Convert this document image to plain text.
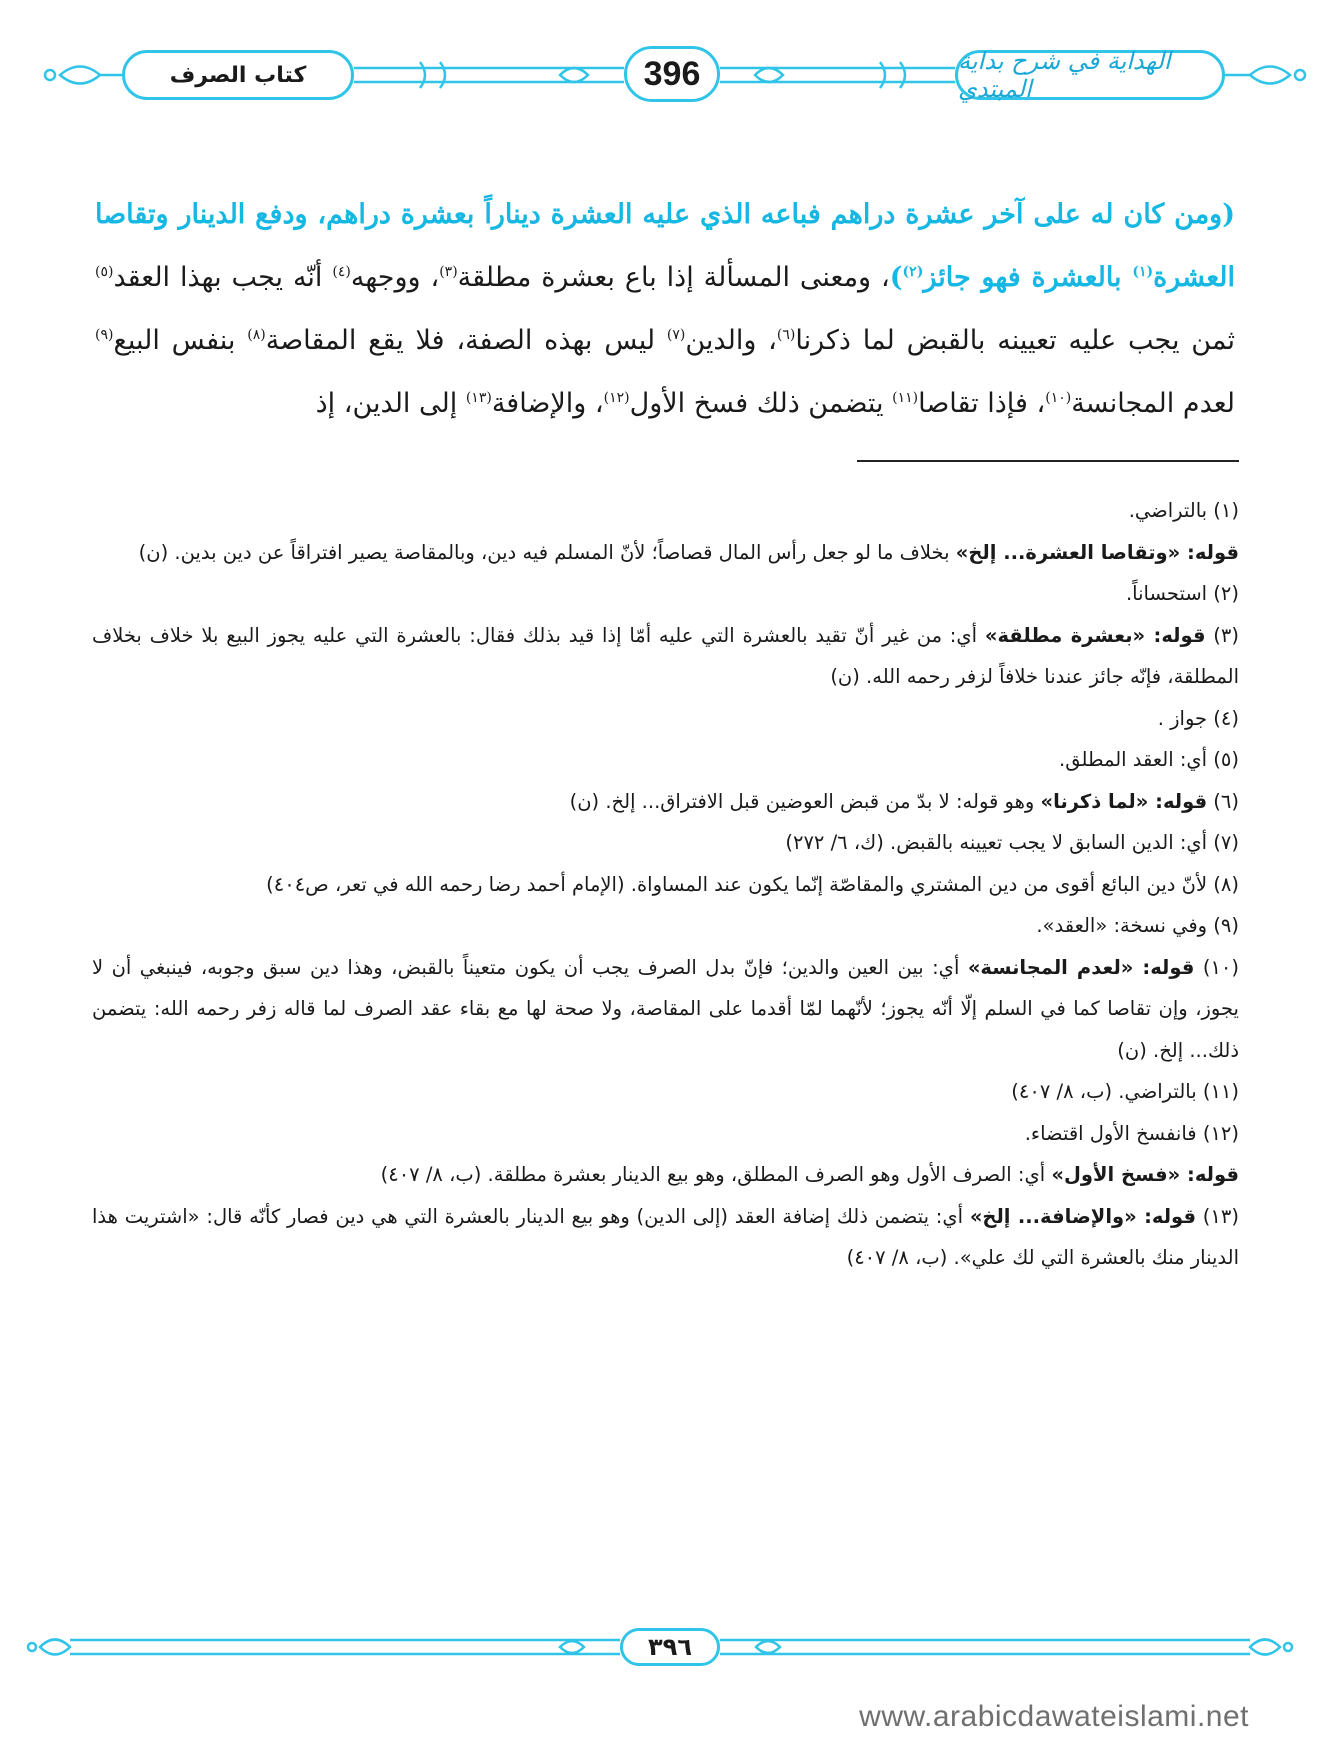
كتاب الصرف	396	الهداية في شرح بداية المبتدي
(ومن كان له على آخر عشرة دراهم فباعه الذي عليه العشرة ديناراً بعشرة دراهم، ودفع الدينار وتقاصا العشرة$^{(١)}$ بالعشرة فهو جائز$^{(٢)}$)، ومعنى المسألة إذا باع بعشرة مطلقة$^{(٣)}$، ووجهه$^{(٤)}$ أنّه يجب بهذا العقد$^{(٥)}$ ثمن يجب عليه تعيينه بالقبض لما ذكرنا$^{(٦)}$، والدين$^{(٧)}$ ليس بهذه الصفة، فلا يقع المقاصة$^{(٨)}$ بنفس البيع$^{(٩)}$ لعدم المجانسة$^{(١٠)}$، فإذا تقاصا$^{(١١)}$ يتضمن ذلك فسخ الأول$^{(١٢)}$، والإضافة$^{(١٣)}$ إلى الدين، إذ
(١) بالتراضي.
قوله: «وتقاصا العشرة... إلخ» بخلاف ما لو جعل رأس المال قصاصاً؛ لأنّ المسلم فيه دين، وبالمقاصة يصير افتراقاً عن دين بدين. (ن)
(٢) استحساناً.
(٣) قوله: «بعشرة مطلقة» أي: من غير أنّ تقيد بالعشرة التي عليه أمّا إذا قيد بذلك فقال: بالعشرة التي عليه يجوز البيع بلا خلاف بخلاف المطلقة، فإنّه جائز عندنا خلافاً لزفر رحمه الله. (ن)
(٤) جواز .
(٥) أي: العقد المطلق.
(٦) قوله: «لما ذكرنا» وهو قوله: لا بدّ من قبض العوضين قبل الافتراق... إلخ. (ن)
(٧) أي: الدين السابق لا يجب تعيينه بالقبض. (ك، ٦/ ٢٧٢)
(٨) لأنّ دين البائع أقوى من دين المشتري والمقاصّة إنّما يكون عند المساواة. (الإمام أحمد رضا رحمه الله في تعر، ص٤٠٤)
(٩) وفي نسخة: «العقد».
(١٠) قوله: «لعدم المجانسة» أي: بين العين والدين؛ فإنّ بدل الصرف يجب أن يكون متعيناً بالقبض، وهذا دين سبق وجوبه، فينبغي أن لا يجوز، وإن تقاصا كما في السلم إلّا أنّه يجوز؛ لأنّهما لمّا أقدما على المقاصة، ولا صحة لها مع بقاء عقد الصرف لما قاله زفر رحمه الله: يتضمن ذلك... إلخ. (ن)
(١١) بالتراضي. (ب، ٨/ ٤٠٧)
(١٢) فانفسخ الأول اقتضاء.
قوله: «فسخ الأول» أي: الصرف الأول وهو الصرف المطلق، وهو بيع الدينار بعشرة مطلقة. (ب، ٨/ ٤٠٧)
(١٣) قوله: «والإضافة... إلخ» أي: يتضمن ذلك إضافة العقد (إلى الدين) وهو بيع الدينار بالعشرة التي هي دين فصار كأنّه قال: «اشتريت هذا الدينار منك بالعشرة التي لك علي». (ب، ٨/ ٤٠٧)
٣٩٦
www.arabicdawateislami.net
